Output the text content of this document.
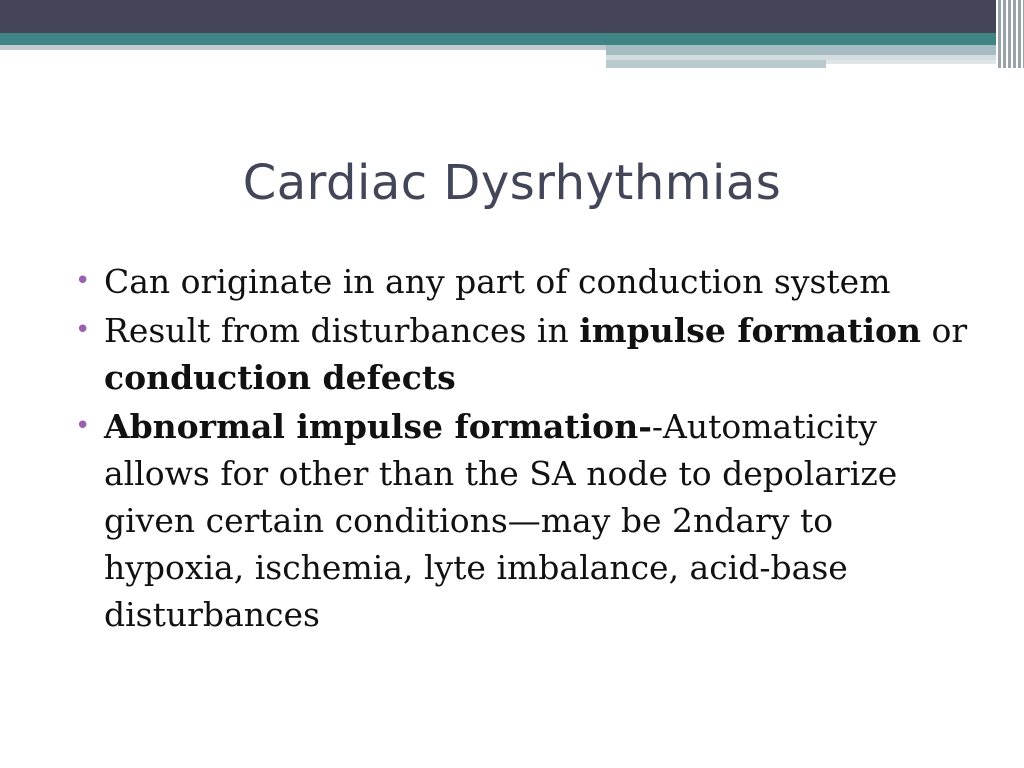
Cardiac Dysrhythmias
• Can originate in any part of conduction system
• Result from disturbances in impulse formation or conduction defects
• Abnormal impulse formation--Automaticity allows for other than the SA node to depolarize given certain conditions—may be 2ndary to hypoxia, ischemia, lyte imbalance, acid-base disturbances
